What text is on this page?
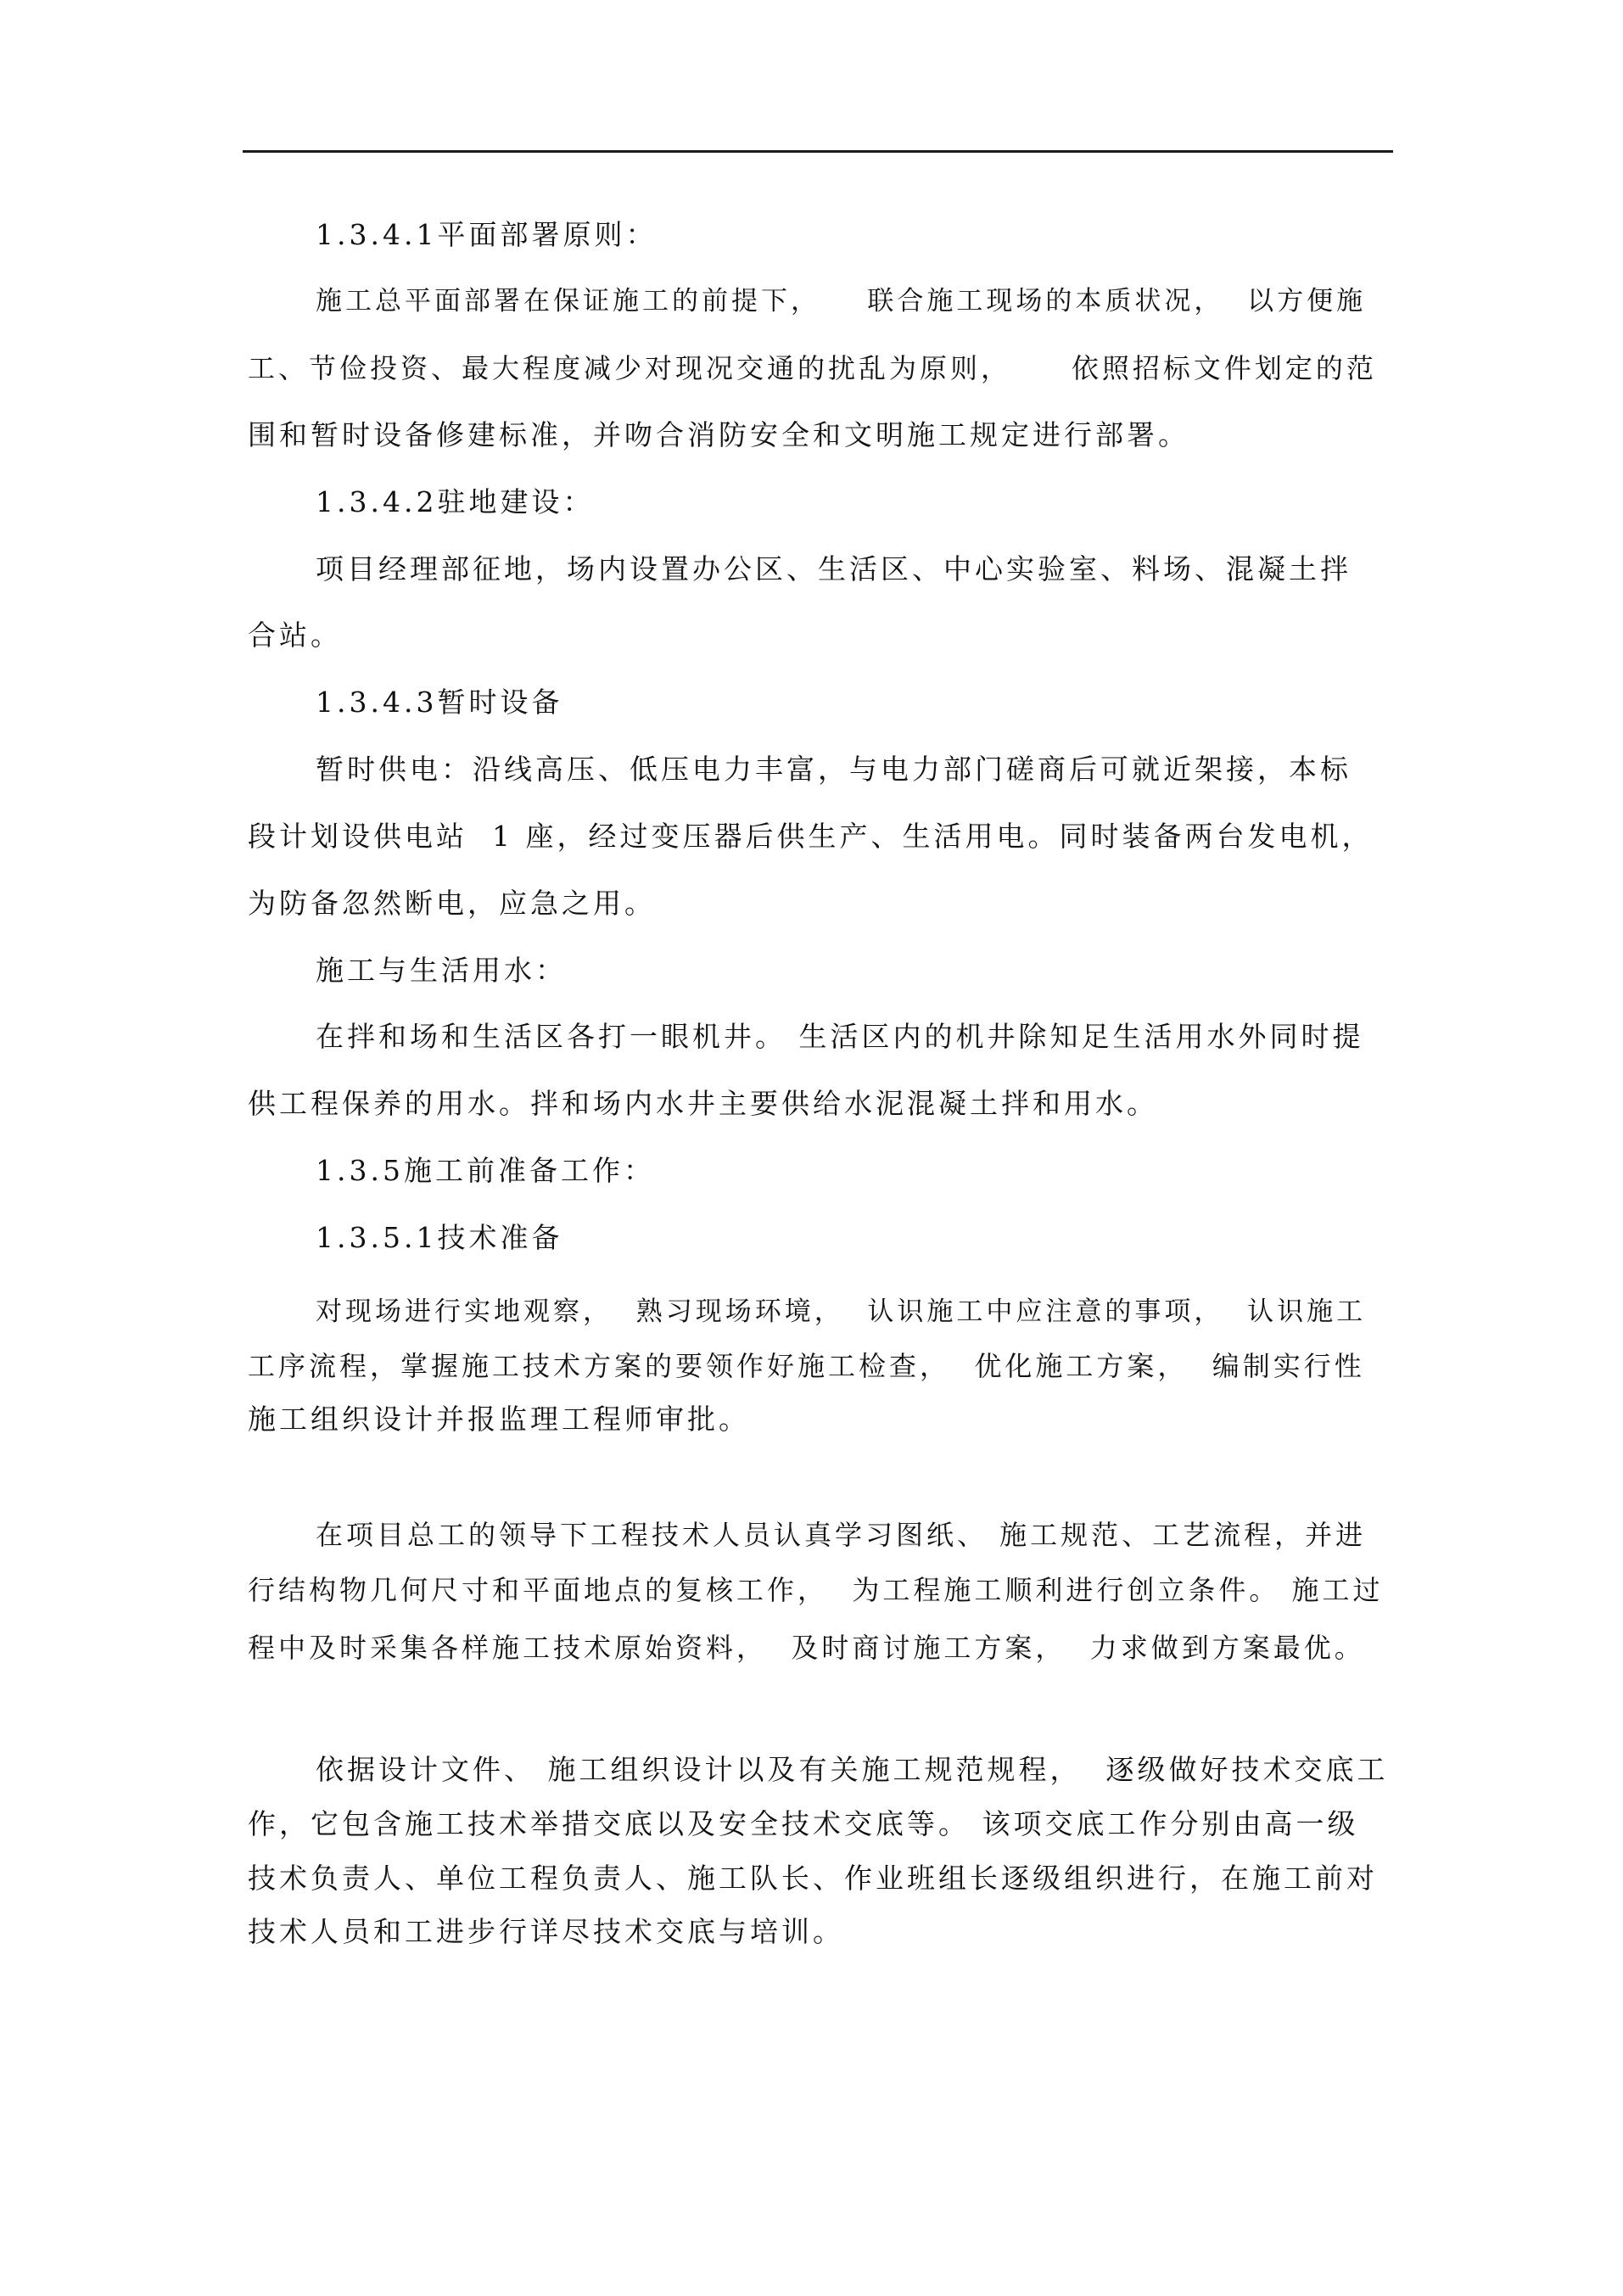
1.3.4.1平面部署原则：
施工总平面部署在保证施工的前提下，    联合施工现场的本质状况，  以方便施
工、节俭投资、最大程度减少对现况交通的扰乱为原则，     依照招标文件划定的范
围和暂时设备修建标准，并吻合消防安全和文明施工规定进行部署。
1.3.4.2驻地建设：
项目经理部征地，场内设置办公区、生活区、中心实验室、料场、混凝土拌
合站。
1.3.4.3暂时设备
暂时供电：沿线高压、低压电力丰富，与电力部门磋商后可就近架接，本标
段计划设供电站  1 座，经过变压器后供生产、生活用电。同时装备两台发电机，
为防备忽然断电，应急之用。
施工与生活用水：
在拌和场和生活区各打一眼机井。 生活区内的机井除知足生活用水外同时提
供工程保养的用水。拌和场内水井主要供给水泥混凝土拌和用水。
1.3.5施工前准备工作：
1.3.5.1技术准备
对现场进行实地观察，  熟习现场环境，  认识施工中应注意的事项，  认识施工
工序流程，掌握施工技术方案的要领作好施工检查，  优化施工方案，  编制实行性
施工组织设计并报监理工程师审批。
在项目总工的领导下工程技术人员认真学习图纸、 施工规范、工艺流程，并进
行结构物几何尺寸和平面地点的复核工作，  为工程施工顺利进行创立条件。 施工过
程中及时采集各样施工技术原始资料，  及时商讨施工方案，  力求做到方案最优。
依据设计文件、 施工组织设计以及有关施工规范规程，  逐级做好技术交底工
作，它包含施工技术举措交底以及安全技术交底等。 该项交底工作分别由高一级
技术负责人、单位工程负责人、施工队长、作业班组长逐级组织进行，在施工前对
技术人员和工进步行详尽技术交底与培训。
